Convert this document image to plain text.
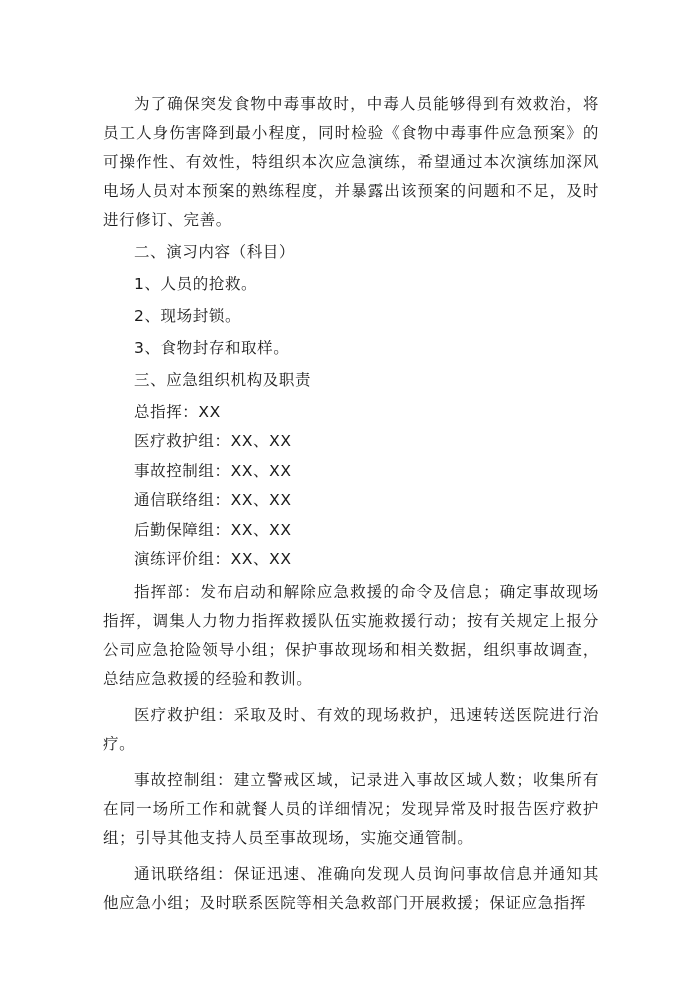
为了确保突发食物中毒事故时，中毒人员能够得到有效救治，将员工人身伤害降到最小程度，同时检验《食物中毒事件应急预案》的可操作性、有效性，特组织本次应急演练，希望通过本次演练加深风电场人员对本预案的熟练程度，并暴露出该预案的问题和不足，及时进行修订、完善。

二、演习内容（科目）

1、人员的抢救。

2、现场封锁。

3、食物封存和取样。

三、应急组织机构及职责

总指挥：XX
医疗救护组：XX、XX
事故控制组：XX、XX
通信联络组：XX、XX
后勤保障组：XX、XX
演练评价组：XX、XX

指挥部：发布启动和解除应急救援的命令及信息；确定事故现场指挥，调集人力物力指挥救援队伍实施救援行动；按有关规定上报分公司应急抢险领导小组；保护事故现场和相关数据，组织事故调查，总结应急救援的经验和教训。

医疗救护组：采取及时、有效的现场救护，迅速转送医院进行治疗。

事故控制组：建立警戒区域，记录进入事故区域人数；收集所有在同一场所工作和就餐人员的详细情况；发现异常及时报告医疗救护组；引导其他支持人员至事故现场，实施交通管制。

通讯联络组：保证迅速、准确向发现人员询问事故信息并通知其他应急小组；及时联系医院等相关急救部门开展救援；保证应急指挥
